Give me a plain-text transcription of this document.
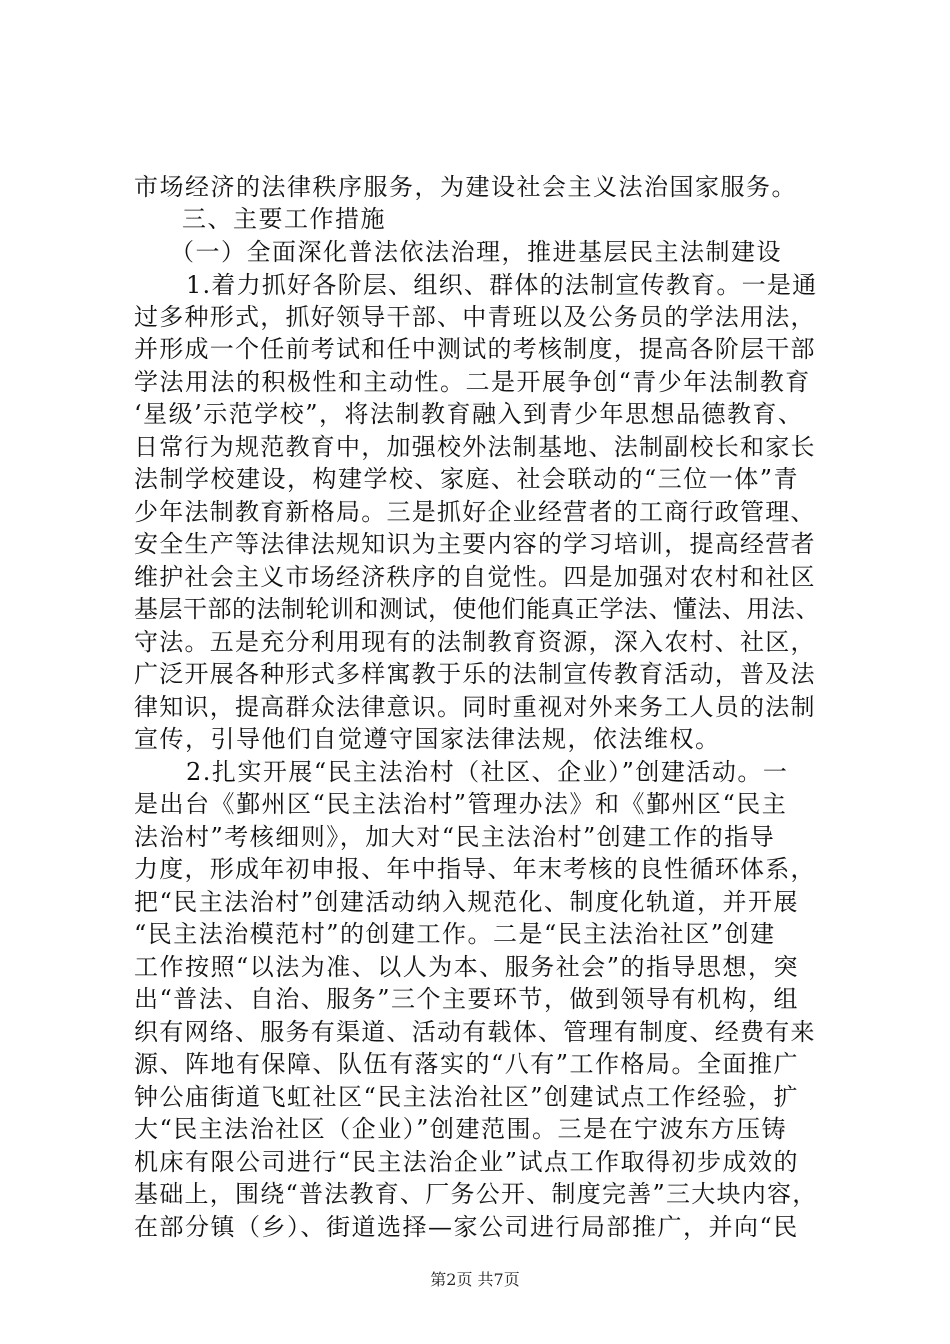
市场经济的法律秩序服务，为建设社会主义法治国家服务。
三、主要工作措施
（一）全面深化普法依法治理，推进基层民主法制建设
1.着力抓好各阶层、组织、群体的法制宣传教育。一是通
过多种形式，抓好领导干部、中青班以及公务员的学法用法，
并形成一个任前考试和任中测试的考核制度，提高各阶层干部
学法用法的积极性和主动性。二是开展争创“青少年法制教育
‘星级’示范学校”，将法制教育融入到青少年思想品德教育、
日常行为规范教育中，加强校外法制基地、法制副校长和家长
法制学校建设，构建学校、家庭、社会联动的“三位一体”青
少年法制教育新格局。三是抓好企业经营者的工商行政管理、
安全生产等法律法规知识为主要内容的学习培训，提高经营者
维护社会主义市场经济秩序的自觉性。四是加强对农村和社区
基层干部的法制轮训和测试，使他们能真正学法、懂法、用法、
守法。五是充分利用现有的法制教育资源，深入农村、社区，
广泛开展各种形式多样寓教于乐的法制宣传教育活动，普及法
律知识，提高群众法律意识。同时重视对外来务工人员的法制
宣传，引导他们自觉遵守国家法律法规，依法维权。
2.扎实开展“民主法治村（社区、企业）”创建活动。一
是出台《鄞州区“民主法治村”管理办法》和《鄞州区“民主
法治村”考核细则》，加大对“民主法治村”创建工作的指导
力度，形成年初申报、年中指导、年末考核的良性循环体系，
把“民主法治村”创建活动纳入规范化、制度化轨道，并开展
“民主法治模范村”的创建工作。二是“民主法治社区”创建
工作按照“以法为准、以人为本、服务社会”的指导思想，突
出“普法、自治、服务”三个主要环节，做到领导有机构，组
织有网络、服务有渠道、活动有载体、管理有制度、经费有来
源、阵地有保障、队伍有落实的“八有”工作格局。全面推广
钟公庙街道飞虹社区“民主法治社区”创建试点工作经验，扩
大“民主法治社区（企业）”创建范围。三是在宁波东方压铸
机床有限公司进行“民主法治企业”试点工作取得初步成效的
基础上，围绕“普法教育、厂务公开、制度完善”三大块内容，
在部分镇（乡）、街道选择—家公司进行局部推广，并向“民
第2页 共7页
